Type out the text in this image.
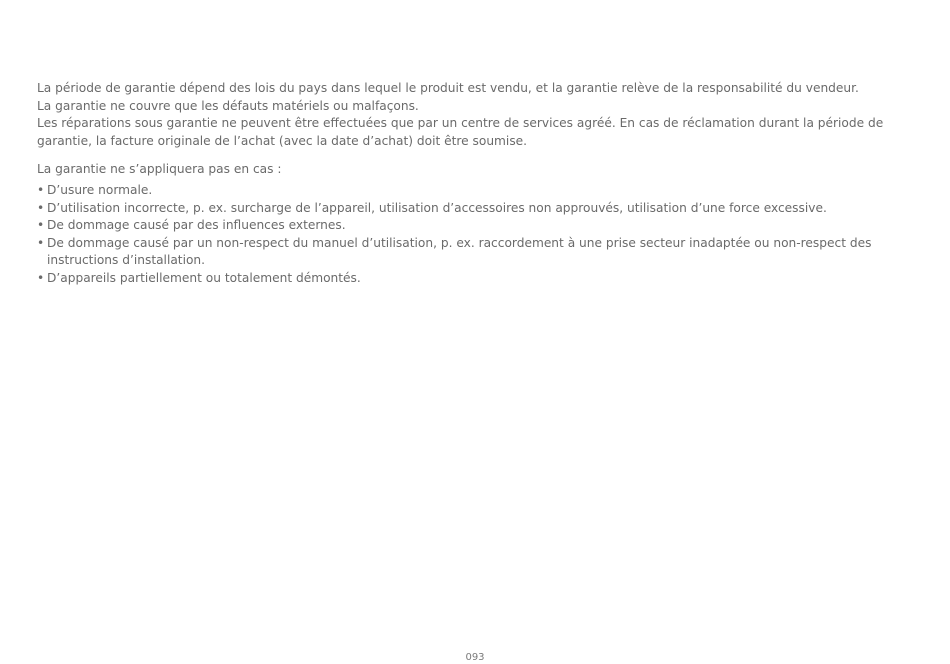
La période de garantie dépend des lois du pays dans lequel le produit est vendu, et la garantie relève de la responsabilité du vendeur.

La garantie ne couvre que les défauts matériels ou malfaçons.

Les réparations sous garantie ne peuvent être effectuées que par un centre de services agréé. En cas de réclamation durant la période de garantie, la facture originale de l’achat (avec la date d’achat) doit être soumise.

La garantie ne s’appliquera pas en cas :

• D’usure normale.
• D’utilisation incorrecte, p. ex. surcharge de l’appareil, utilisation d’accessoires non approuvés, utilisation d’une force excessive.
• De dommage causé par des influences externes.
• De dommage causé par un non-respect du manuel d’utilisation, p. ex. raccordement à une prise secteur inadaptée ou non-respect des instructions d’installation.
• D’appareils partiellement ou totalement démontés.
093
